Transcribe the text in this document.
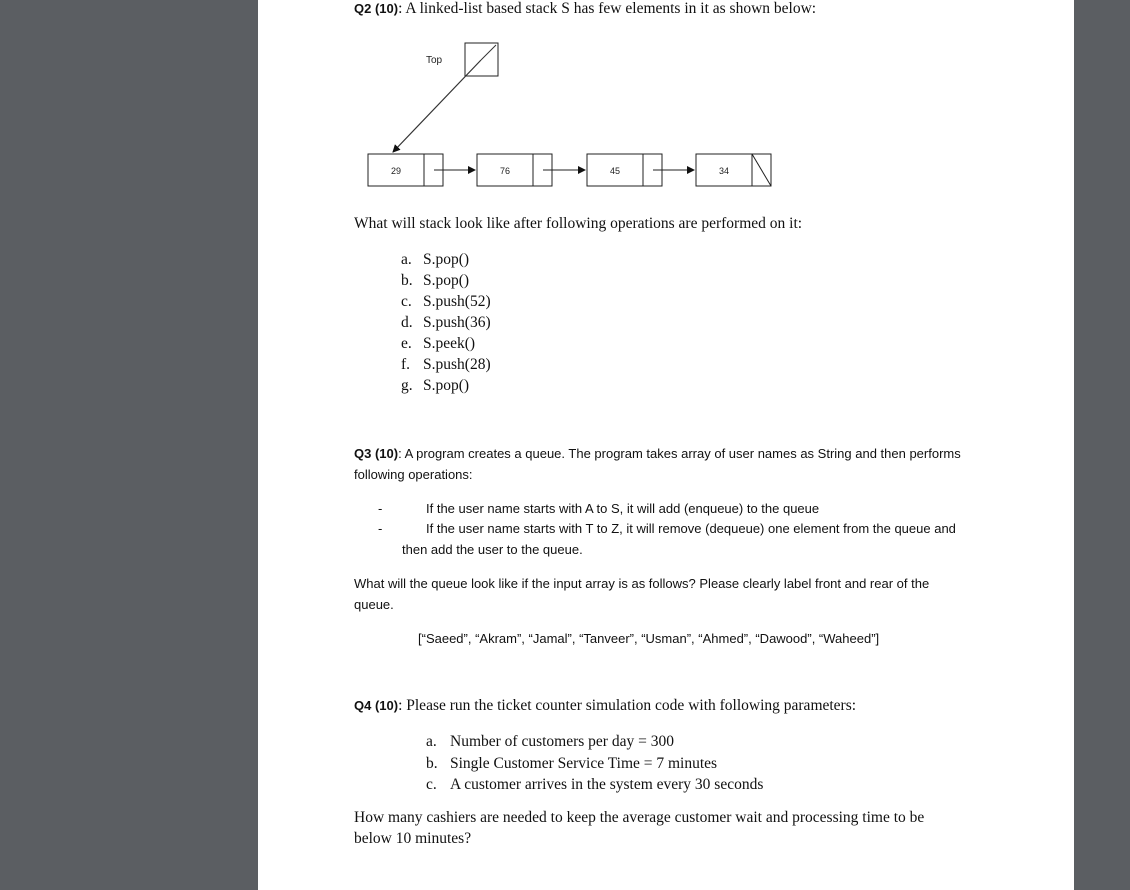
Q2 (10): A linked-list based stack S has few elements in it as shown below:
Top
29	76	45	34
What will stack look like after following operations are performed on it:
a. S.pop()
b. S.pop()
c. S.push(52)
d. S.push(36)
e. S.peek()
f. S.push(28)
g. S.pop()
Q3 (10): A program creates a queue. The program takes array of user names as String and then performs
following operations:
-	If the user name starts with A to S, it will add (enqueue) to the queue
-	If the user name starts with T to Z, it will remove (dequeue) one element from the queue and
then add the user to the queue.
What will the queue look like if the input array is as follows? Please clearly label front and rear of the
queue.
[“Saeed”, “Akram”, “Jamal”, “Tanveer”, “Usman”, “Ahmed”, “Dawood”, “Waheed”]
Q4 (10): Please run the ticket counter simulation code with following parameters:
a. Number of customers per day = 300
b. Single Customer Service Time = 7 minutes
c. A customer arrives in the system every 30 seconds
How many cashiers are needed to keep the average customer wait and processing time to be
below 10 minutes?
